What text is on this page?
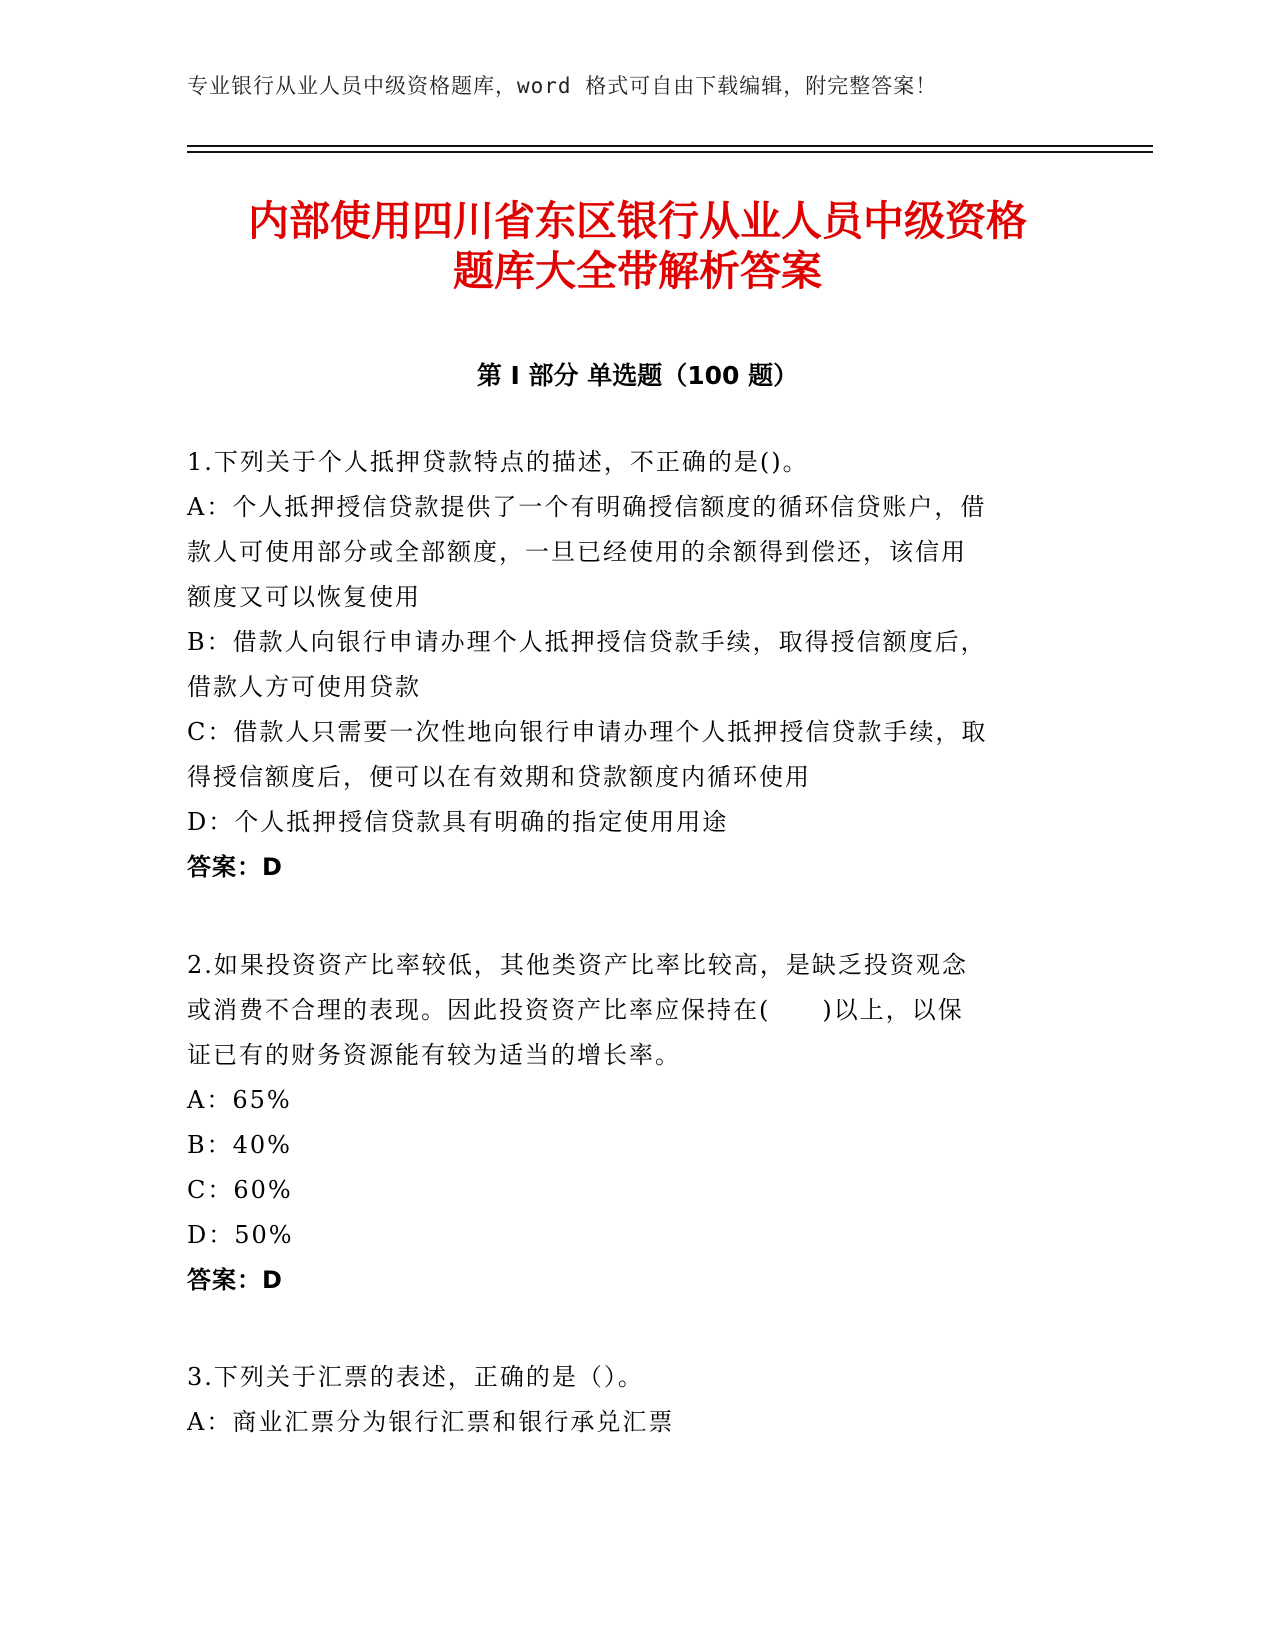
专业银行从业人员中级资格题库，word 格式可自由下载编辑，附完整答案！
内部使用四川省东区银行从业人员中级资格
题库大全带解析答案
第 I 部分 单选题（100 题）
1.下列关于个人抵押贷款特点的描述，不正确的是()。
A：个人抵押授信贷款提供了一个有明确授信额度的循环信贷账户，借
款人可使用部分或全部额度，一旦已经使用的余额得到偿还，该信用
额度又可以恢复使用
B：借款人向银行申请办理个人抵押授信贷款手续，取得授信额度后，
借款人方可使用贷款
C：借款人只需要一次性地向银行申请办理个人抵押授信贷款手续，取
得授信额度后，便可以在有效期和贷款额度内循环使用
D：个人抵押授信贷款具有明确的指定使用用途
答案：D
2.如果投资资产比率较低，其他类资产比率比较高，是缺乏投资观念
或消费不合理的表现。因此投资资产比率应保持在(　　)以上，以保
证已有的财务资源能有较为适当的增长率。
A：65%
B：40%
C：60%
D：50%
答案：D
3.下列关于汇票的表述，正确的是（）。
A：商业汇票分为银行汇票和银行承兑汇票
